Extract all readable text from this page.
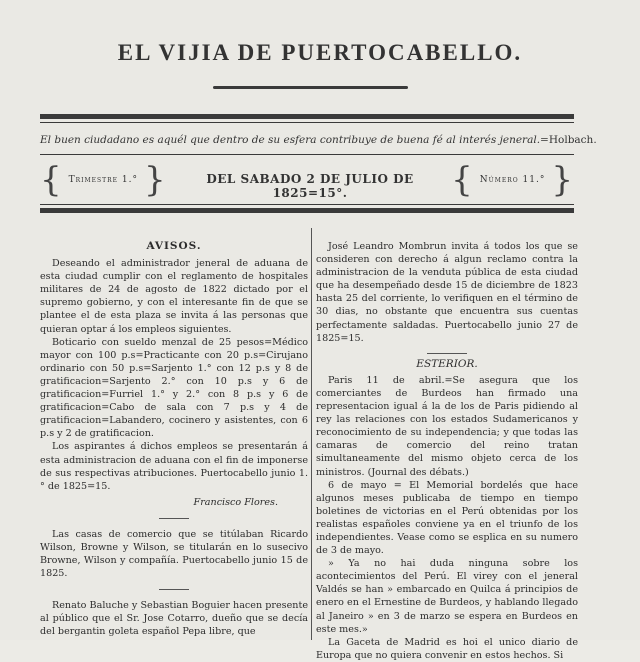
EL VIJIA DE PUERTOCABELLO.
El buen ciudadano es aquél que dentro de su esfera contribuye de buena fé al interés jeneral.=Holbach.
{ Trimestre 1.° }	DEL SABADO 2 DE JULIO DE 1825=15°.	{ Número 11.° }

AVISOS.

Deseando el administrador jeneral de aduana de esta ciudad cumplir con el reglamento de hospitales militares de 24 de agosto de 1822 dictado por el supremo gobierno, y con el interesante fin de que se plantee el de esta plaza se invita á las personas que quieran optar á los empleos siguientes.

Boticario con sueldo menzal de 25 pesos=Médico mayor con 100 p.s=Practicante con 20 p.s=Cirujano ordinario con 50 p.s=Sarjento 1.° con 12 p.s y 8 de gratificacion=Sarjento 2.° con 10 p.s y 6 de gratificacion=Furriel 1.° y 2.° con 8 p.s y 6 de gratificacion=Cabo de sala con 7 p.s y 4 de gratificacion=Labandero, cocinero y asistentes, con 6 p.s y 2 de gratificacion.

Los aspirantes á dichos empleos se presentarán á esta administracion de aduana con el fin de imponerse de sus respectivas atribuciones. Puertocabello junio 1.° de 1825=15.

Francisco Flores.

Las casas de comercio que se titúlaban Ricardo Wilson, Browne y Wilson, se titularán en lo susecivo Browne, Wilson y compañía. Puertocabello junio 15 de 1825.

Renato Baluche y Sebastian Boguier hacen presente al público que el Sr. Jose Cotarro, dueño que se decía del bergantin goleta español Pepa libre, que

José Leandro Mombrun invita á todos los que se consideren con derecho á algun reclamo contra la administracion de la venduta pública de esta ciudad que ha desempeñado desde 15 de diciembre de 1823 hasta 25 del corriente, lo verifiquen en el término de 30 dias, no obstante que encuentra sus cuentas perfectamente saldadas. Puertocabello junio 27 de 1825=15.

ESTERIOR.

Paris 11 de abril.=Se asegura que los comerciantes de Burdeos han firmado una representacion igual á la de los de Paris pidiendo al rey las relaciones con los estados Sudamericanos y reconocimiento de su independencia; y que todas las camaras de comercio del reino tratan simultaneamente del mismo objeto cerca de los ministros. (Journal des débats.)

6 de mayo = El Memorial bordelés que hace algunos meses publicaba de tiempo en tiempo boletines de victorias en el Perú obtenidas por los realistas españoles conviene ya en el triunfo de los independientes. Vease como se esplica en su numero de 3 de mayo.

» Ya no hai duda ninguna sobre los acontecimientos del Perú. El virey con el jeneral Valdés se han » embarcado en Quilca á principios de enero en el Ernestine de Burdeos, y hablando llegado al Janeiro » en 3 de marzo se espera en Burdeos en este mes.»

La Gaceta de Madrid es hoi el unico diario de Europa que no quiera convenir en estos hechos. Si
